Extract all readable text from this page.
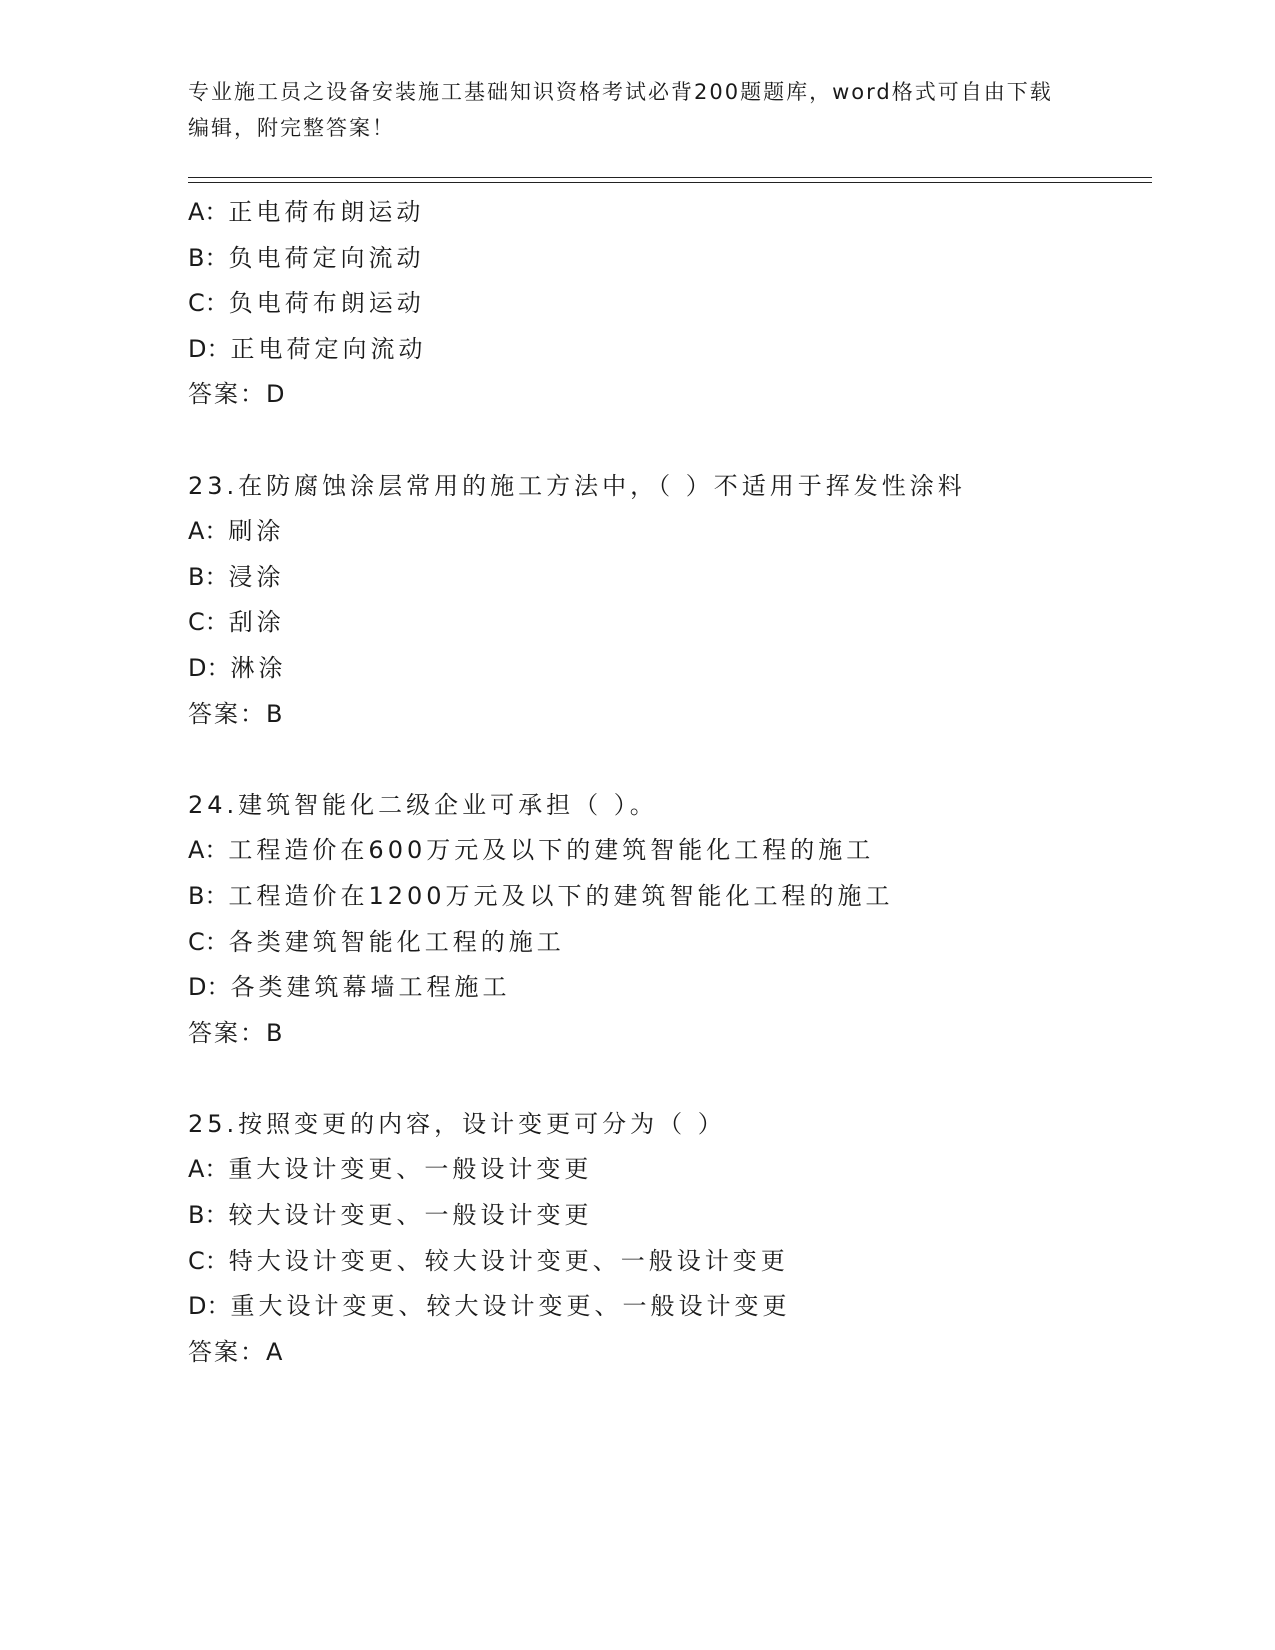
专业施工员之设备安装施工基础知识资格考试必背200题题库，word格式可自由下载编辑，附完整答案！
A：正电荷布朗运动
B：负电荷定向流动
C：负电荷布朗运动
D：正电荷定向流动
答案：D
23.在防腐蚀涂层常用的施工方法中，（ ）不适用于挥发性涂料
A：刷涂
B：浸涂
C：刮涂
D：淋涂
答案：B
24.建筑智能化二级企业可承担（ ）。
A：工程造价在600万元及以下的建筑智能化工程的施工
B：工程造价在1200万元及以下的建筑智能化工程的施工
C：各类建筑智能化工程的施工
D：各类建筑幕墙工程施工
答案：B
25.按照变更的内容，设计变更可分为（ ）
A：重大设计变更、一般设计变更
B：较大设计变更、一般设计变更
C：特大设计变更、较大设计变更、一般设计变更
D：重大设计变更、较大设计变更、一般设计变更
答案：A
